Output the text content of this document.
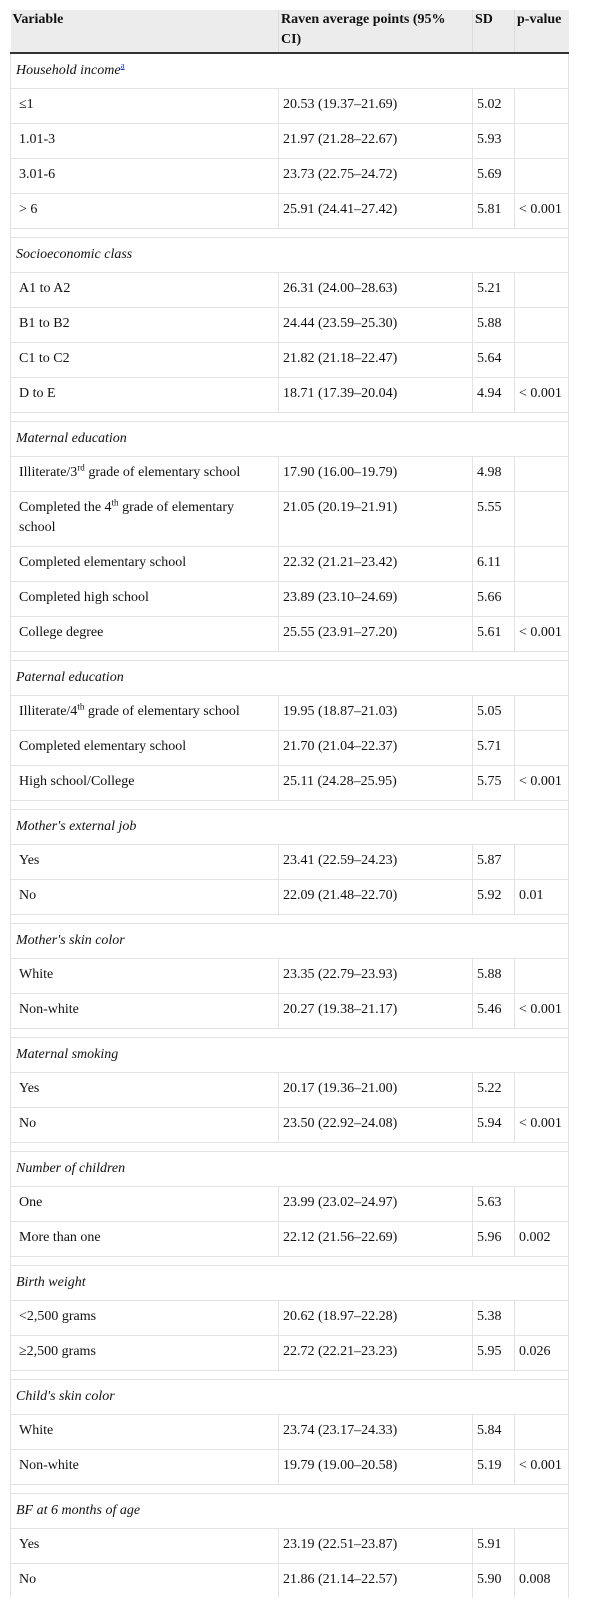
Variable	Raven average points (95% CI)	SD	p-value
Household income$^a$
≤1	20.53 (19.37–21.69)	5.02	
1.01-3	21.97 (21.28–22.67)	5.93	
3.01-6	23.73 (22.75–24.72)	5.69	
> 6	25.91 (24.41–27.42)	5.81	< 0.001

Socioeconomic class			
A1 to A2	26.31 (24.00–28.63)	5.21	
B1 to B2	24.44 (23.59–25.30)	5.88	
C1 to C2	21.82 (21.18–22.47)	5.64	
D to E	18.71 (17.39–20.04)	4.94	< 0.001

Maternal education			
Illiterate/3rd grade of elementary school	17.90 (16.00–19.79)	4.98	
Completed the 4th grade of elementary school	21.05 (20.19–21.91)	5.55	
Completed elementary school	22.32 (21.21–23.42)	6.11	
Completed high school	23.89 (23.10–24.69)	5.66	
College degree	25.55 (23.91–27.20)	5.61	< 0.001

Paternal education			
Illiterate/4th grade of elementary school	19.95 (18.87–21.03)	5.05	
Completed elementary school	21.70 (21.04–22.37)	5.71	
High school/College	25.11 (24.28–25.95)	5.75	< 0.001

Mother's external job			
Yes	23.41 (22.59–24.23)	5.87	
No	22.09 (21.48–22.70)	5.92	0.01

Mother's skin color			
White	23.35 (22.79–23.93)	5.88	
Non-white	20.27 (19.38–21.17)	5.46	< 0.001

Maternal smoking			
Yes	20.17 (19.36–21.00)	5.22	
No	23.50 (22.92–24.08)	5.94	< 0.001

Number of children			
One	23.99 (23.02–24.97)	5.63	
More than one	22.12 (21.56–22.69)	5.96	0.002

Birth weight			
<2,500 grams	20.62 (18.97–22.28)	5.38	
≥2,500 grams	22.72 (22.21–23.23)	5.95	0.026

Child's skin color			
White	23.74 (23.17–24.33)	5.84	
Non-white	19.79 (19.00–20.58)	5.19	< 0.001

BF at 6 months of age			
Yes	23.19 (22.51–23.87)	5.91	
No	21.86 (21.14–22.57)	5.90	0.008
